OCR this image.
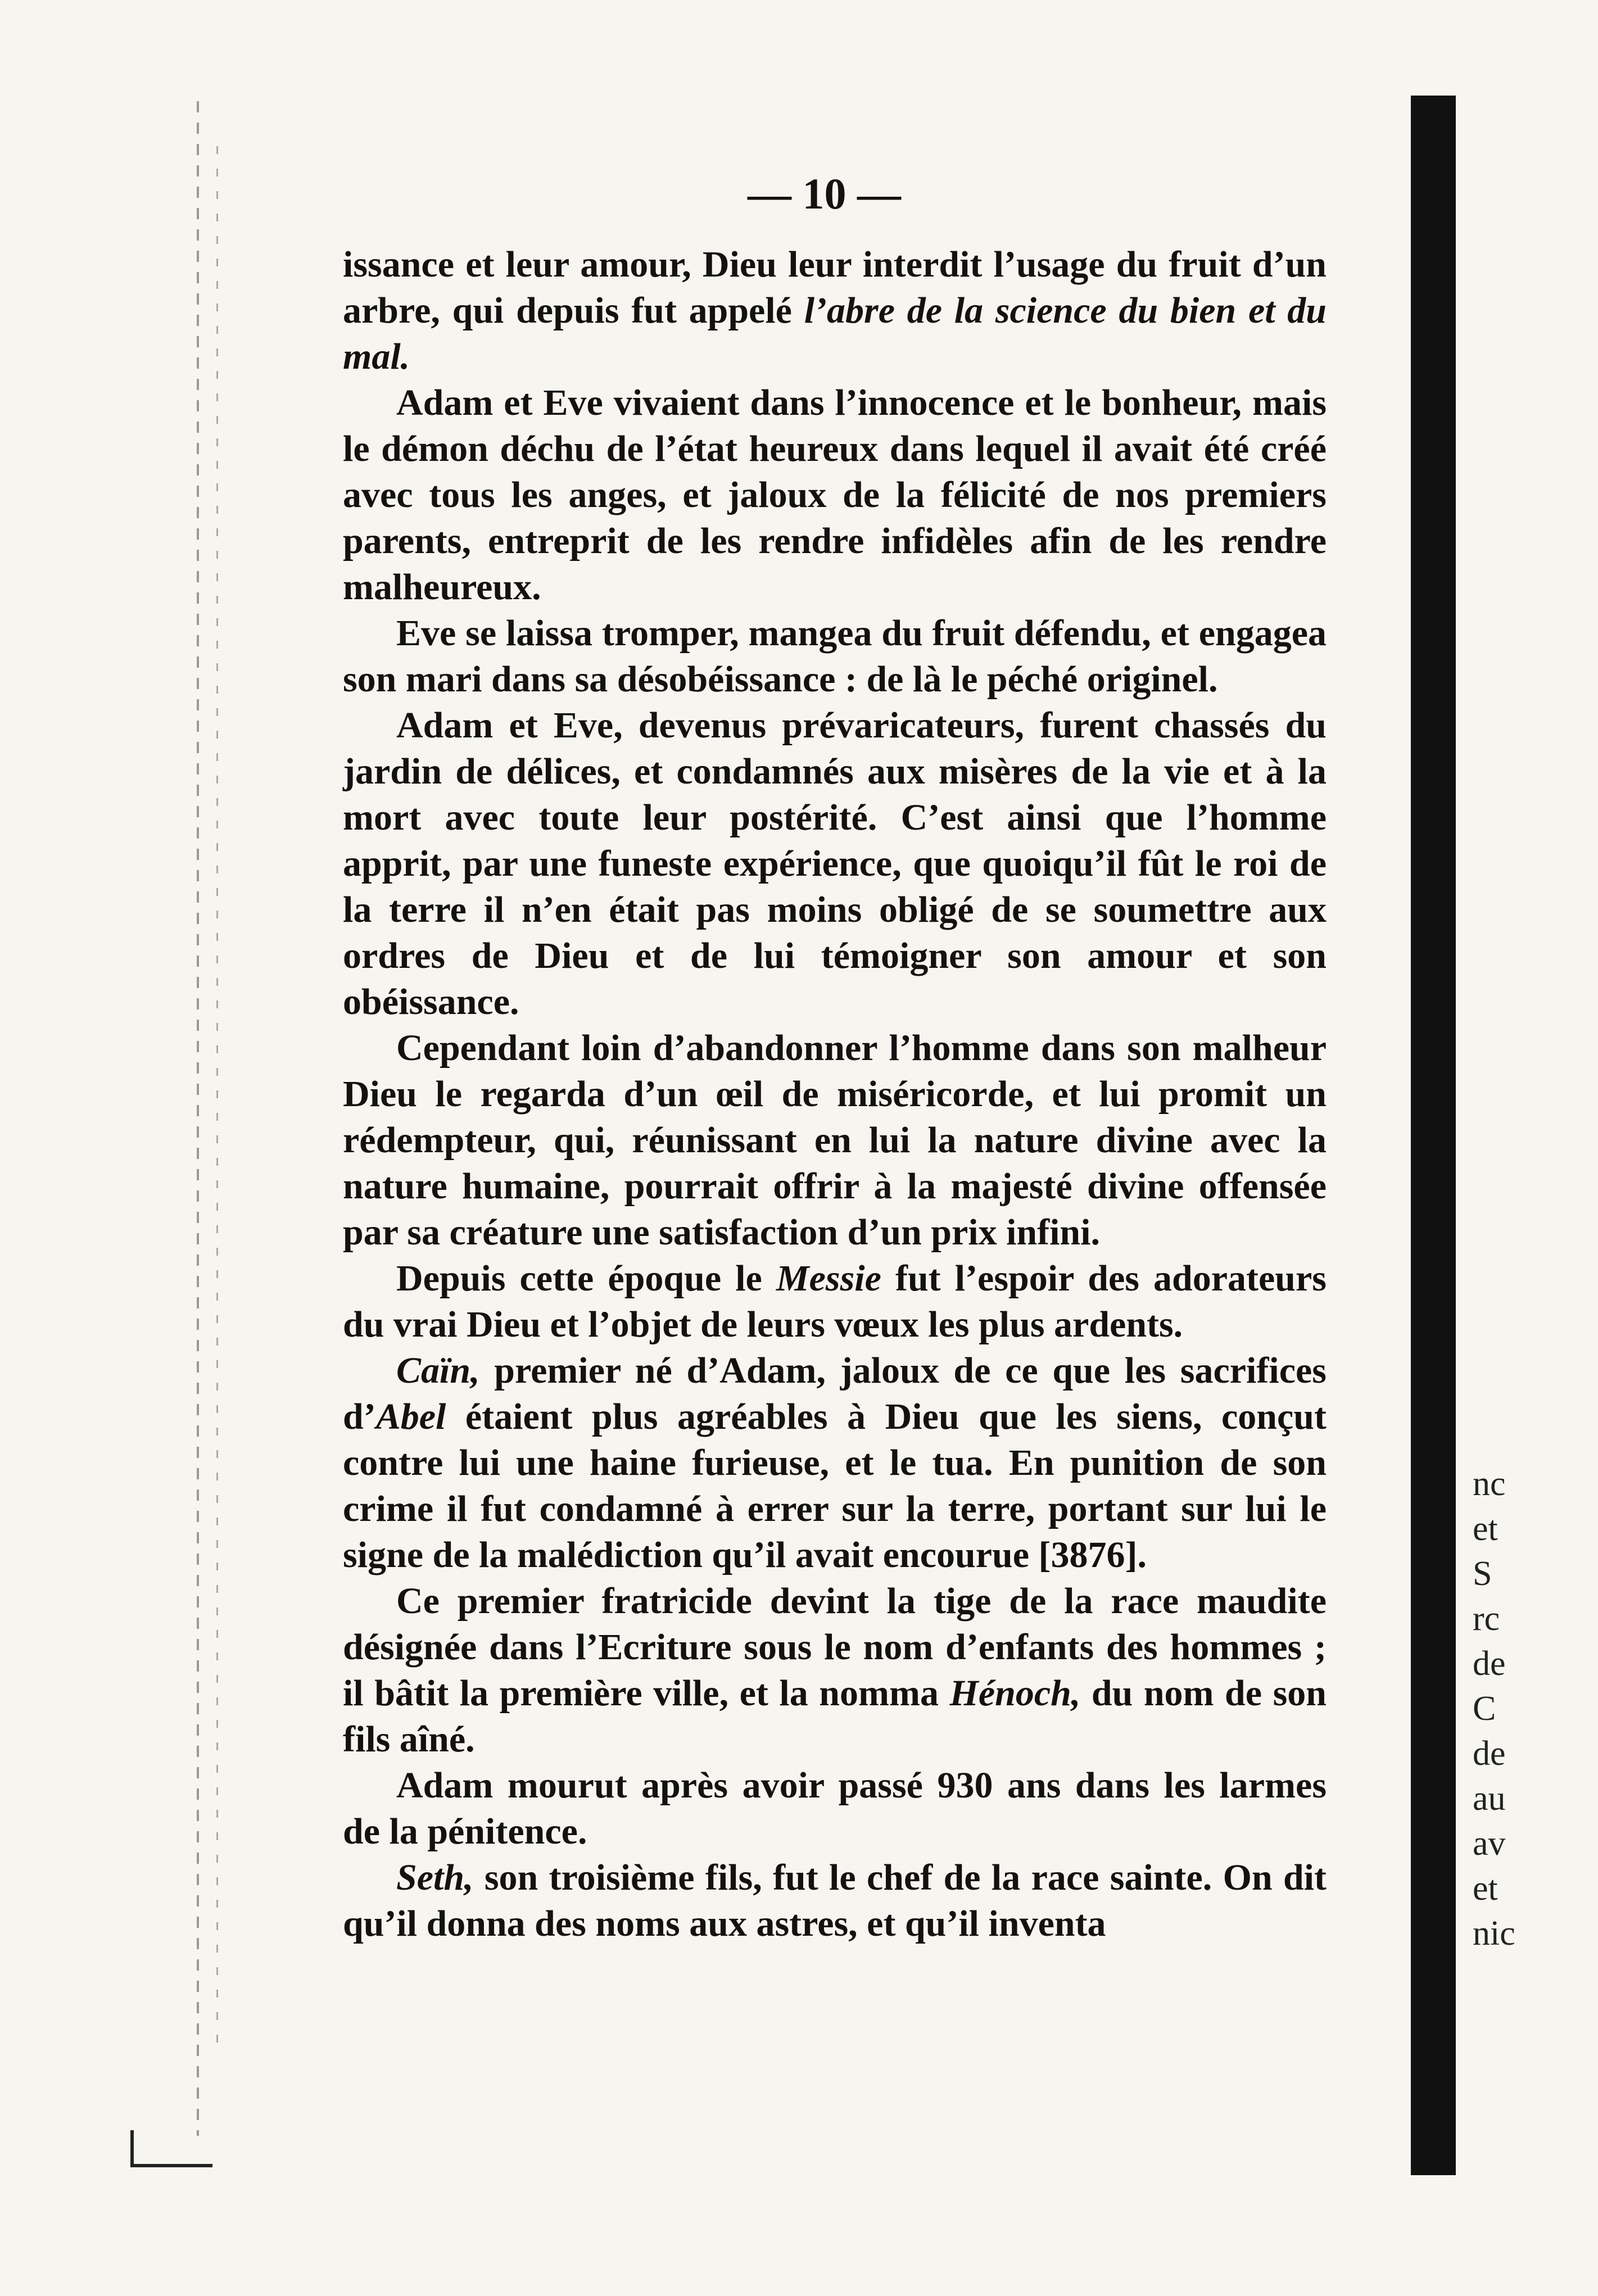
— 10 —

issance et leur amour, Dieu leur interdit l’usage du fruit d’un arbre, qui depuis fut appelé l’abre de la science du bien et du mal.

Adam et Eve vivaient dans l’innocence et le bonheur, mais le démon déchu de l’état heureux dans lequel il avait été créé avec tous les anges, et jaloux de la félicité de nos premiers parents, entreprit de les rendre infidèles afin de les rendre malheureux.

Eve se laissa tromper, mangea du fruit défendu, et engagea son mari dans sa désobéissance : de là le péché originel.

Adam et Eve, devenus prévaricateurs, furent chassés du jardin de délices, et condamnés aux misères de la vie et à la mort avec toute leur postérité. C’est ainsi que l’homme apprit, par une funeste expérience, que quoiqu’il fût le roi de la terre il n’en était pas moins obligé de se soumettre aux ordres de Dieu et de lui témoigner son amour et son obéissance.

Cependant loin d’abandonner l’homme dans son malheur Dieu le regarda d’un œil de miséricorde, et lui promit un rédempteur, qui, réunissant en lui la nature divine avec la nature humaine, pourrait offrir à la majesté divine offensée par sa créature une satisfaction d’un prix infini.

Depuis cette époque le Messie fut l’espoir des adorateurs du vrai Dieu et l’objet de leurs vœux les plus ardents.

Caïn, premier né d’Adam, jaloux de ce que les sacrifices d’Abel étaient plus agréables à Dieu que les siens, conçut contre lui une haine furieuse, et le tua. En punition de son crime il fut condamné à errer sur la terre, portant sur lui le signe de la malédiction qu’il avait encourue [3876].

Ce premier fratricide devint la tige de la race maudite désignée dans l’Ecriture sous le nom d’enfants des hommes ; il bâtit la première ville, et la nomma Hénoch, du nom de son fils aîné.

Adam mourut après avoir passé 930 ans dans les larmes de la pénitence.

Seth, son troisième fils, fut le chef de la race sainte. On dit qu’il donna des noms aux astres, et qu’il inventa

nc
et
S
rc
de
C
de
au
av
et
nic
